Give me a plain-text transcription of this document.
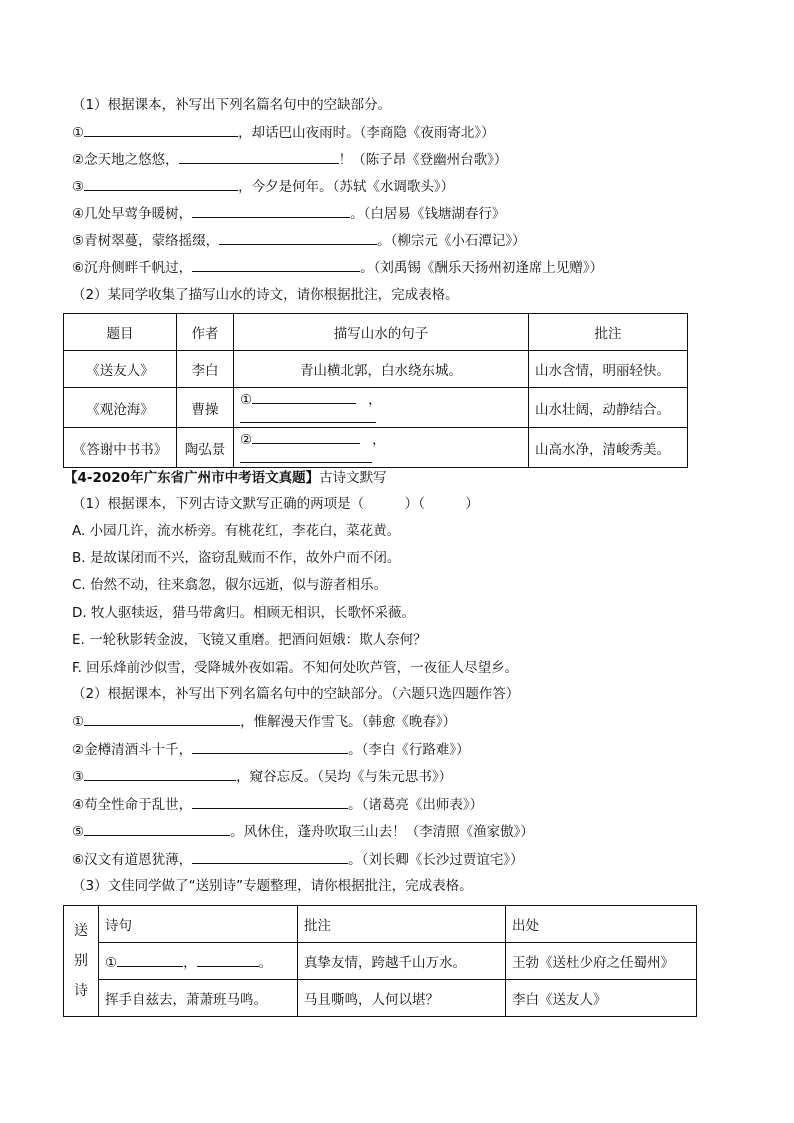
（1）根据课本，补写出下列名篇名句中的空缺部分。
①	，却话巴山夜雨时。（李商隐《夜雨寄北》）
②念天地之悠悠，	！（陈子昂《登幽州台歌》）
③	，今夕是何年。（苏轼《水调歌头》）
④几处早莺争暖树，	。（白居易《钱塘湖春行》
⑤青树翠蔓，蒙络摇缀，	。（柳宗元《小石潭记》）
⑥沉舟侧畔千帆过，	。（刘禹锡《酬乐天扬州初逢席上见赠》）
（2）某同学收集了描写山水的诗文，请你根据批注，完成表格。
题目	作者	描写山水的句子	批注
《送友人》	李白	青山横北郭，白水绕东城。	山水含情，明丽轻快。
《观沧海》	曹操	① ，	山水壮阔，动静结合。
《答谢中书书》	陶弘景	② ，	山高水净，清峻秀美。
【4-2020年广东省广州市中考语文真题】古诗文默写
（1）根据课本，下列古诗文默写正确的两项是（　　　）（　　　）
A. 小园几许，流水桥旁。有桃花红，李花白，菜花黄。
B. 是故谋闭而不兴，盗窃乱贼而不作，故外户而不闭。
C. 佁然不动，往来翕忽，俶尔远逝，似与游者相乐。
D. 牧人驱犊返，猎马带禽归。相顾无相识，长歌怀采薇。
E. 一轮秋影转金波，飞镜又重磨。把酒问姮娥：欺人奈何？
F. 回乐烽前沙似雪，受降城外夜如霜。不知何处吹芦管，一夜征人尽望乡。
（2）根据课本，补写出下列名篇名句中的空缺部分。（六题只选四题作答）
①	，惟解漫天作雪飞。（韩愈《晚春》）
②金樽清酒斗十千，	。（李白《行路难》）
③	，窥谷忘反。（吴均《与朱元思书》）
④苟全性命于乱世，	。（诸葛亮《出师表》）
⑤	。风休住，蓬舟吹取三山去！（李清照《渔家傲》）
⑥汉文有道恩犹薄，	。（刘长卿《长沙过贾谊宅》）
（3）文佳同学做了“送别诗”专题整理，请你根据批注，完成表格。
送
别
诗	诗句	批注	出处
	① ， 。	真挚友情，跨越千山万水。	王勃《送杜少府之任蜀州》
	挥手自兹去，萧萧班马鸣。	马且嘶鸣，人何以堪？	李白《送友人》
